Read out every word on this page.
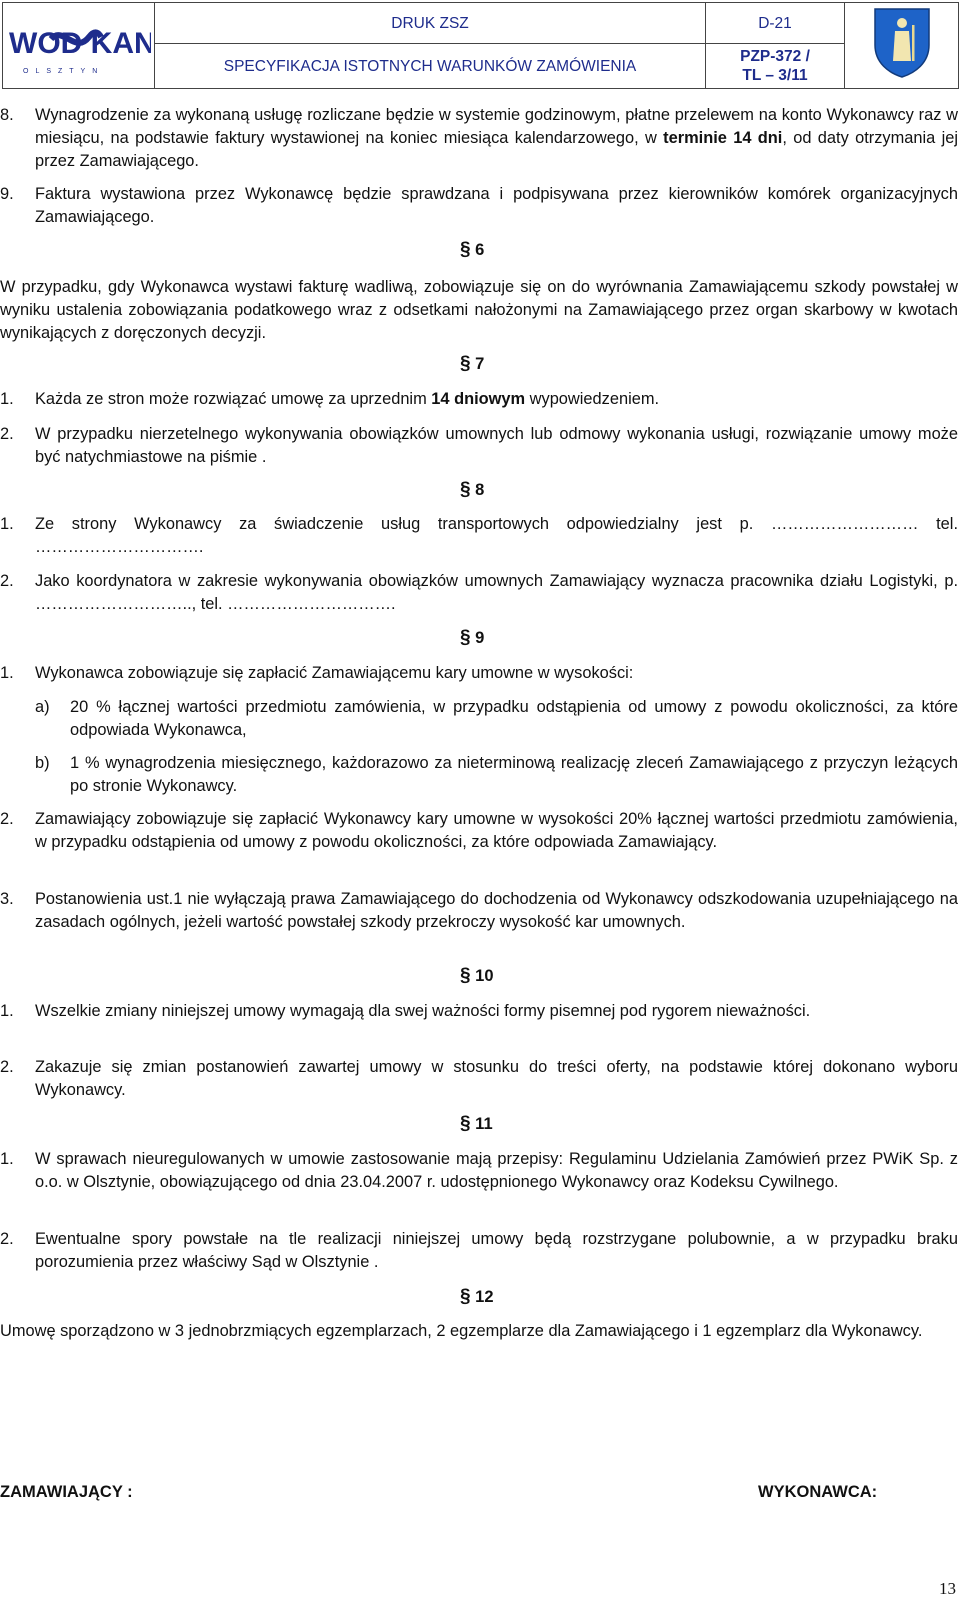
WOD KAN
OLSZTYN	DRUK ZSZ	D-21	
	SPECYFIKACJA ISTOTNYCH WARUNKÓW ZAMÓWIENIA	PZP-372 /
TL – 3/11	
8. Wynagrodzenie za wykonaną usługę rozliczane będzie w systemie godzinowym, płatne przelewem na konto Wykonawcy raz w miesiącu, na podstawie faktury wystawionej na koniec miesiąca kalendarzowego, w terminie 14 dni, od daty otrzymania jej przez Zamawiającego.
9. Faktura wystawiona przez Wykonawcę będzie sprawdzana i podpisywana przez kierowników komórek organizacyjnych Zamawiającego.
§ 6
W przypadku, gdy Wykonawca wystawi fakturę wadliwą, zobowiązuje się on do wyrównania Zamawiającemu szkody powstałej w wyniku ustalenia zobowiązania podatkowego wraz z odsetkami nałożonymi na Zamawiającego przez organ skarbowy w kwotach wynikających z doręczonych decyzji.
§ 7
1. Każda ze stron może rozwiązać umowę za uprzednim 14 dniowym wypowiedzeniem.
2. W przypadku nierzetelnego wykonywania obowiązków umownych lub odmowy wykonania usługi, rozwiązanie umowy może być natychmiastowe na piśmie .
§ 8
1. Ze strony Wykonawcy za świadczenie usług transportowych odpowiedzialny jest p. ……………………… tel. ………………………….
2. Jako koordynatora w zakresie wykonywania obowiązków umownych Zamawiający wyznacza pracownika działu Logistyki, p. ……………………….., tel. ………………………….
§ 9
1. Wykonawca zobowiązuje się zapłacić Zamawiającemu kary umowne w wysokości:
a) 20 % łącznej wartości przedmiotu zamówienia, w przypadku odstąpienia od umowy z powodu okoliczności, za które odpowiada Wykonawca,
b) 1 % wynagrodzenia miesięcznego, każdorazowo za nieterminową realizację zleceń Zamawiającego z przyczyn leżących po stronie Wykonawcy.
2. Zamawiający zobowiązuje się zapłacić Wykonawcy kary umowne w wysokości 20% łącznej wartości przedmiotu zamówienia, w przypadku odstąpienia od umowy z powodu okoliczności, za które odpowiada Zamawiający.
3. Postanowienia ust.1 nie wyłączają prawa Zamawiającego do dochodzenia od Wykonawcy odszkodowania uzupełniającego na zasadach ogólnych, jeżeli wartość powstałej szkody przekroczy wysokość kar umownych.
§ 10
1. Wszelkie zmiany niniejszej umowy wymagają dla swej ważności formy pisemnej pod rygorem nieważności.
2. Zakazuje się zmian postanowień zawartej umowy w stosunku do treści oferty, na podstawie której dokonano wyboru Wykonawcy.
§ 11
1. W sprawach nieuregulowanych w umowie zastosowanie mają przepisy: Regulaminu Udzielania Zamówień przez PWiK Sp. z o.o. w Olsztynie, obowiązującego od dnia 23.04.2007 r. udostępnionego Wykonawcy oraz Kodeksu Cywilnego.
2. Ewentualne spory powstałe na tle realizacji niniejszej umowy będą rozstrzygane polubownie, a w przypadku braku porozumienia przez właściwy Sąd w Olsztynie .
§ 12
Umowę sporządzono w 3 jednobrzmiących egzemplarzach, 2 egzemplarze dla Zamawiającego i 1 egzemplarz dla Wykonawcy.
ZAMAWIAJĄCY :	WYKONAWCA:
13
